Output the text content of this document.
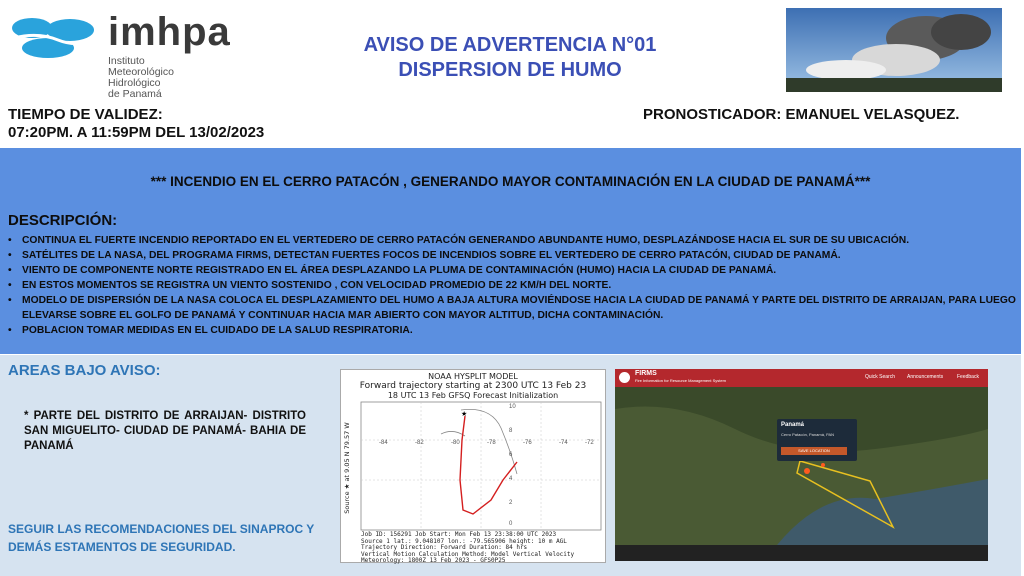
imhpa
Instituto
Meteorológico
Hidrológico
de Panamá
AVISO DE ADVERTENCIA N°01
DISPERSION DE HUMO
TIEMPO DE VALIDEZ:
07:20PM. A 11:59PM DEL 13/02/2023
PRONOSTICADOR: EMANUEL VELASQUEZ.
*** INCENDIO EN EL CERRO PATACÓN , GENERANDO MAYOR CONTAMINACIÓN EN LA CIUDAD DE PANAMÁ***
DESCRIPCIÓN:
• CONTINUA EL FUERTE INCENDIO REPORTADO EN EL VERTEDERO DE CERRO PATACÓN GENERANDO ABUNDANTE HUMO, DESPLAZÁNDOSE HACIA EL SUR DE SU UBICACIÓN.
• SATÉLITES DE LA NASA, DEL PROGRAMA FIRMS, DETECTAN FUERTES FOCOS DE INCENDIOS SOBRE EL VERTEDERO DE CERRO PATACÓN, CIUDAD DE PANAMÁ.
• VIENTO DE COMPONENTE NORTE REGISTRADO EN EL ÁREA DESPLAZANDO LA PLUMA DE CONTAMINACIÓN (HUMO) HACIA LA CIUDAD DE PANAMÁ.
• EN ESTOS MOMENTOS SE REGISTRA UN VIENTO SOSTENIDO , CON VELOCIDAD PROMEDIO DE 22 KM/H DEL NORTE.
• MODELO DE DISPERSIÓN DE LA NASA COLOCA EL DESPLAZAMIENTO DEL HUMO A BAJA ALTURA MOVIÉNDOSE HACIA LA CIUDAD DE PANAMÁ Y PARTE DEL DISTRITO DE ARRAIJAN, PARA LUEGO ELEVARSE SOBRE EL GOLFO DE PANAMÁ Y CONTINUAR HACIA MAR ABIERTO CON MAYOR ALTITUD, DICHA CONTAMINACIÓN.
• POBLACION TOMAR MEDIDAS EN EL CUIDADO DE LA SALUD RESPIRATORIA.
AREAS BAJO AVISO:
* PARTE DEL DISTRITO DE ARRAIJAN- DISTRITO SAN MIGUELITO- CIUDAD DE PANAMÁ- BAHIA DE PANAMÁ
SEGUIR LAS RECOMENDACIONES DEL SINAPROC Y DEMÁS ESTAMENTOS DE SEGURIDAD.
NOAA HYSPLIT MODEL
Forward trajectory starting at 2300 UTC 13 Feb 23
18 UTC 13 Feb GFSQ Forecast Initialization
★
Source ★ at 9.05 N 79.57 W	-84	-82	-80	-78	-76	-74	-72
10
8
6
4
2
0
Job ID: 156291 Job Start: Mon Feb 13 23:38:00 UTC 2023
Source 1 lat.: 9.048107 lon.: -79.565906 height: 10 m AGL
Trajectory Direction: Forward Duration: 84 hrs
Vertical Motion Calculation Method: Model Vertical Velocity
Meteorology: 1800Z 13 Feb 2023 - GFS0P25
FIRMS
Fire Information for Resource Management System
Quick Search Announcements	Feedback
Panamá
Cerro Patacón, Panamá, PAN
SAVE LOCATION
